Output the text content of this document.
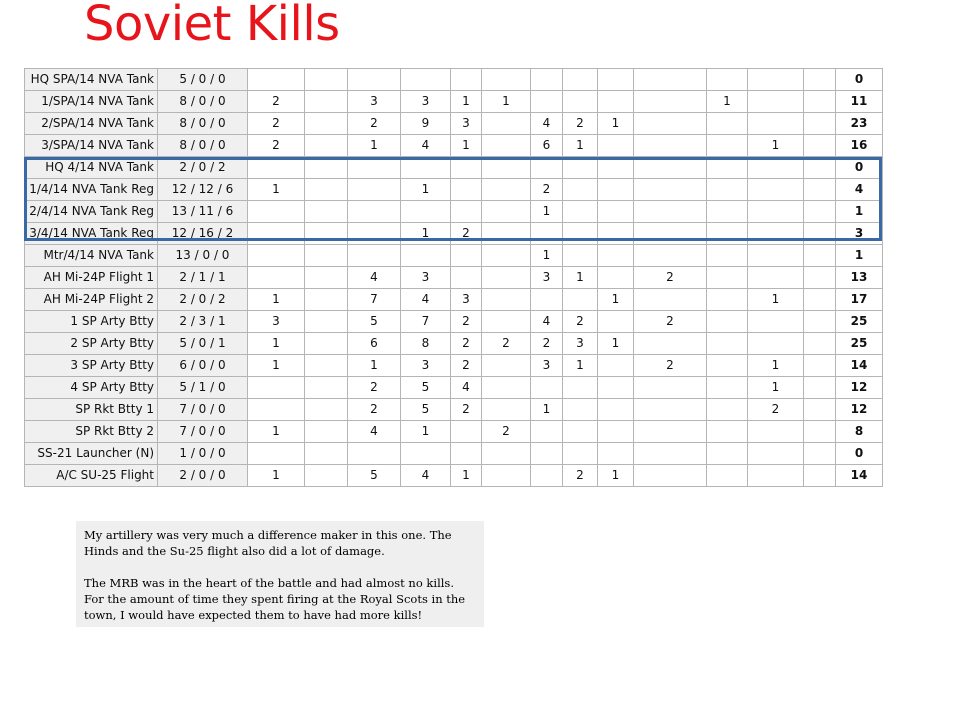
Soviet Kills
HQ SPA/14 NVA Tank	5 / 0 / 0														0
1/SPA/14 NVA Tank	8 / 0 / 0	2		3	3	1	1					1			11
2/SPA/14 NVA Tank	8 / 0 / 0	2		2	9	3		4	2	1					23
3/SPA/14 NVA Tank	8 / 0 / 0	2		1	4	1		6	1				1		16
HQ 4/14 NVA Tank	2 / 0 / 2														0
1/4/14 NVA Tank Reg	12 / 12 / 6	1			1			2							4
2/4/14 NVA Tank Reg	13 / 11 / 6							1							1
3/4/14 NVA Tank Reg	12 / 16 / 2				1	2									3
Mtr/4/14 NVA Tank	13 / 0 / 0							1							1
AH Mi-24P Flight 1	2 / 1 / 1			4	3			3	1		2				13
AH Mi-24P Flight 2	2 / 0 / 2	1		7	4	3				1			1		17
1 SP Arty Btty	2 / 3 / 1	3		5	7	2		4	2		2				25
2 SP Arty Btty	5 / 0 / 1	1		6	8	2	2	2	3	1					25
3 SP Arty Btty	6 / 0 / 0	1		1	3	2		3	1		2		1		14
4 SP Arty Btty	5 / 1 / 0			2	5	4							1		12
SP Rkt Btty 1	7 / 0 / 0			2	5	2		1					2		12
SP Rkt Btty 2	7 / 0 / 0	1		4	1		2								8
SS-21 Launcher (N)	1 / 0 / 0														0
A/C SU-25 Flight	2 / 0 / 0	1		5	4	1			2	1					14

My artillery was very much a difference maker in this one. The Hinds and the Su-25 flight also did a lot of damage.

The MRB was in the heart of the battle and had almost no kills. For the amount of time they spent firing at the Royal Scots in the town, I would have expected them to have had more kills!
